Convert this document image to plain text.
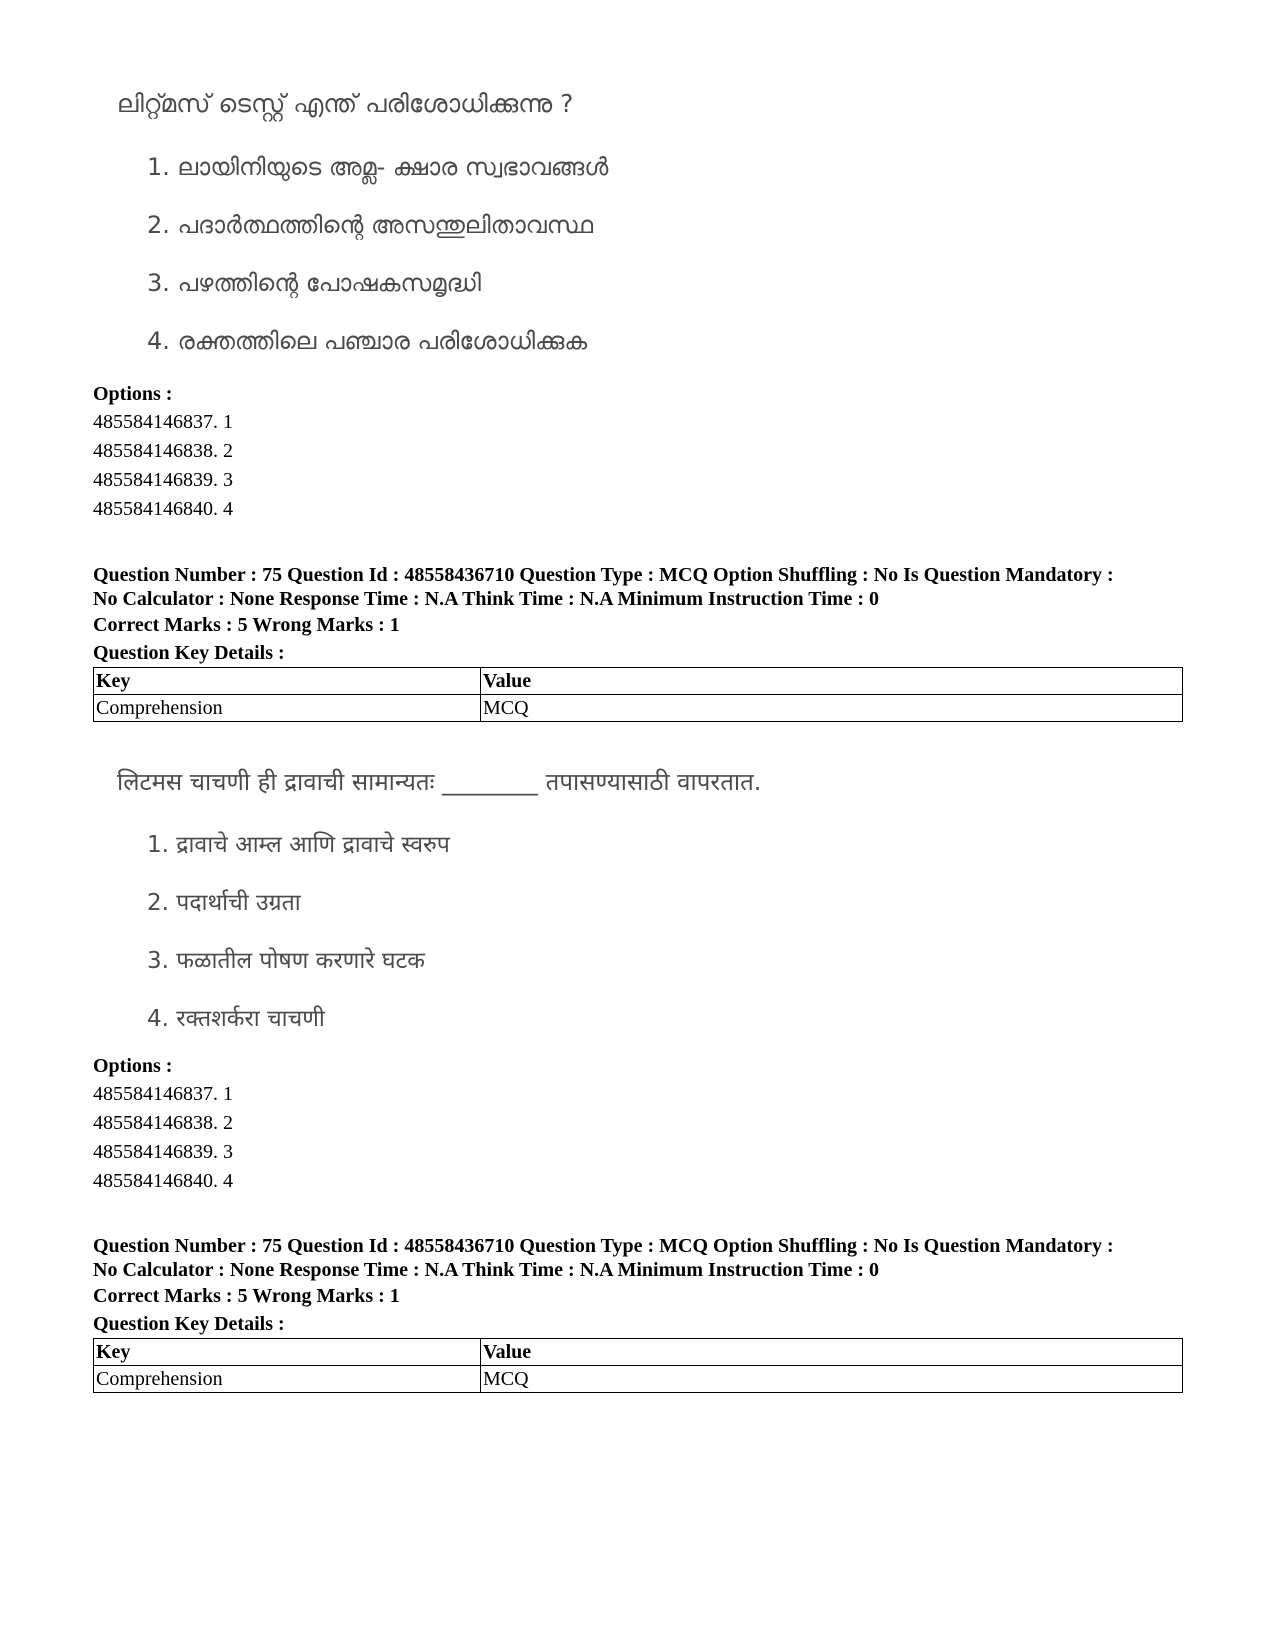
ലിറ്റ്മസ് ടെസ്റ്റ് എന്ത് പരിശോധിക്കുന്നു ?
1. ലായിനിയുടെ അമ്ല- ക്ഷാര സ്വഭാവങ്ങൾ
2. പദാർത്ഥത്തിന്റെ അസന്തുലിതാവസ്ഥ
3. പഴത്തിന്റെ പോഷകസമൃദ്ധി
4. രക്തത്തിലെ പഞ്ചാര പരിശോധിക്കുക
Options :
485584146837. 1
485584146838. 2
485584146839. 3
485584146840. 4
Question Number : 75 Question Id : 48558436710 Question Type : MCQ Option Shuffling : No Is Question Mandatory :
No Calculator : None Response Time : N.A Think Time : N.A Minimum Instruction Time : 0
Correct Marks : 5 Wrong Marks : 1
Question Key Details :
Key	Value
Comprehension	MCQ
लिटमस चाचणी ही द्रावाची सामान्यतः ________ तपासण्यासाठी वापरतात.
1. द्रावाचे आम्ल आणि द्रावाचे स्वरुप
2. पदार्थाची उग्रता
3. फळातील पोषण करणारे घटक
4. रक्तशर्करा चाचणी
Options :
485584146837. 1
485584146838. 2
485584146839. 3
485584146840. 4
Question Number : 75 Question Id : 48558436710 Question Type : MCQ Option Shuffling : No Is Question Mandatory :
No Calculator : None Response Time : N.A Think Time : N.A Minimum Instruction Time : 0
Correct Marks : 5 Wrong Marks : 1
Question Key Details :
Key	Value
Comprehension	MCQ
